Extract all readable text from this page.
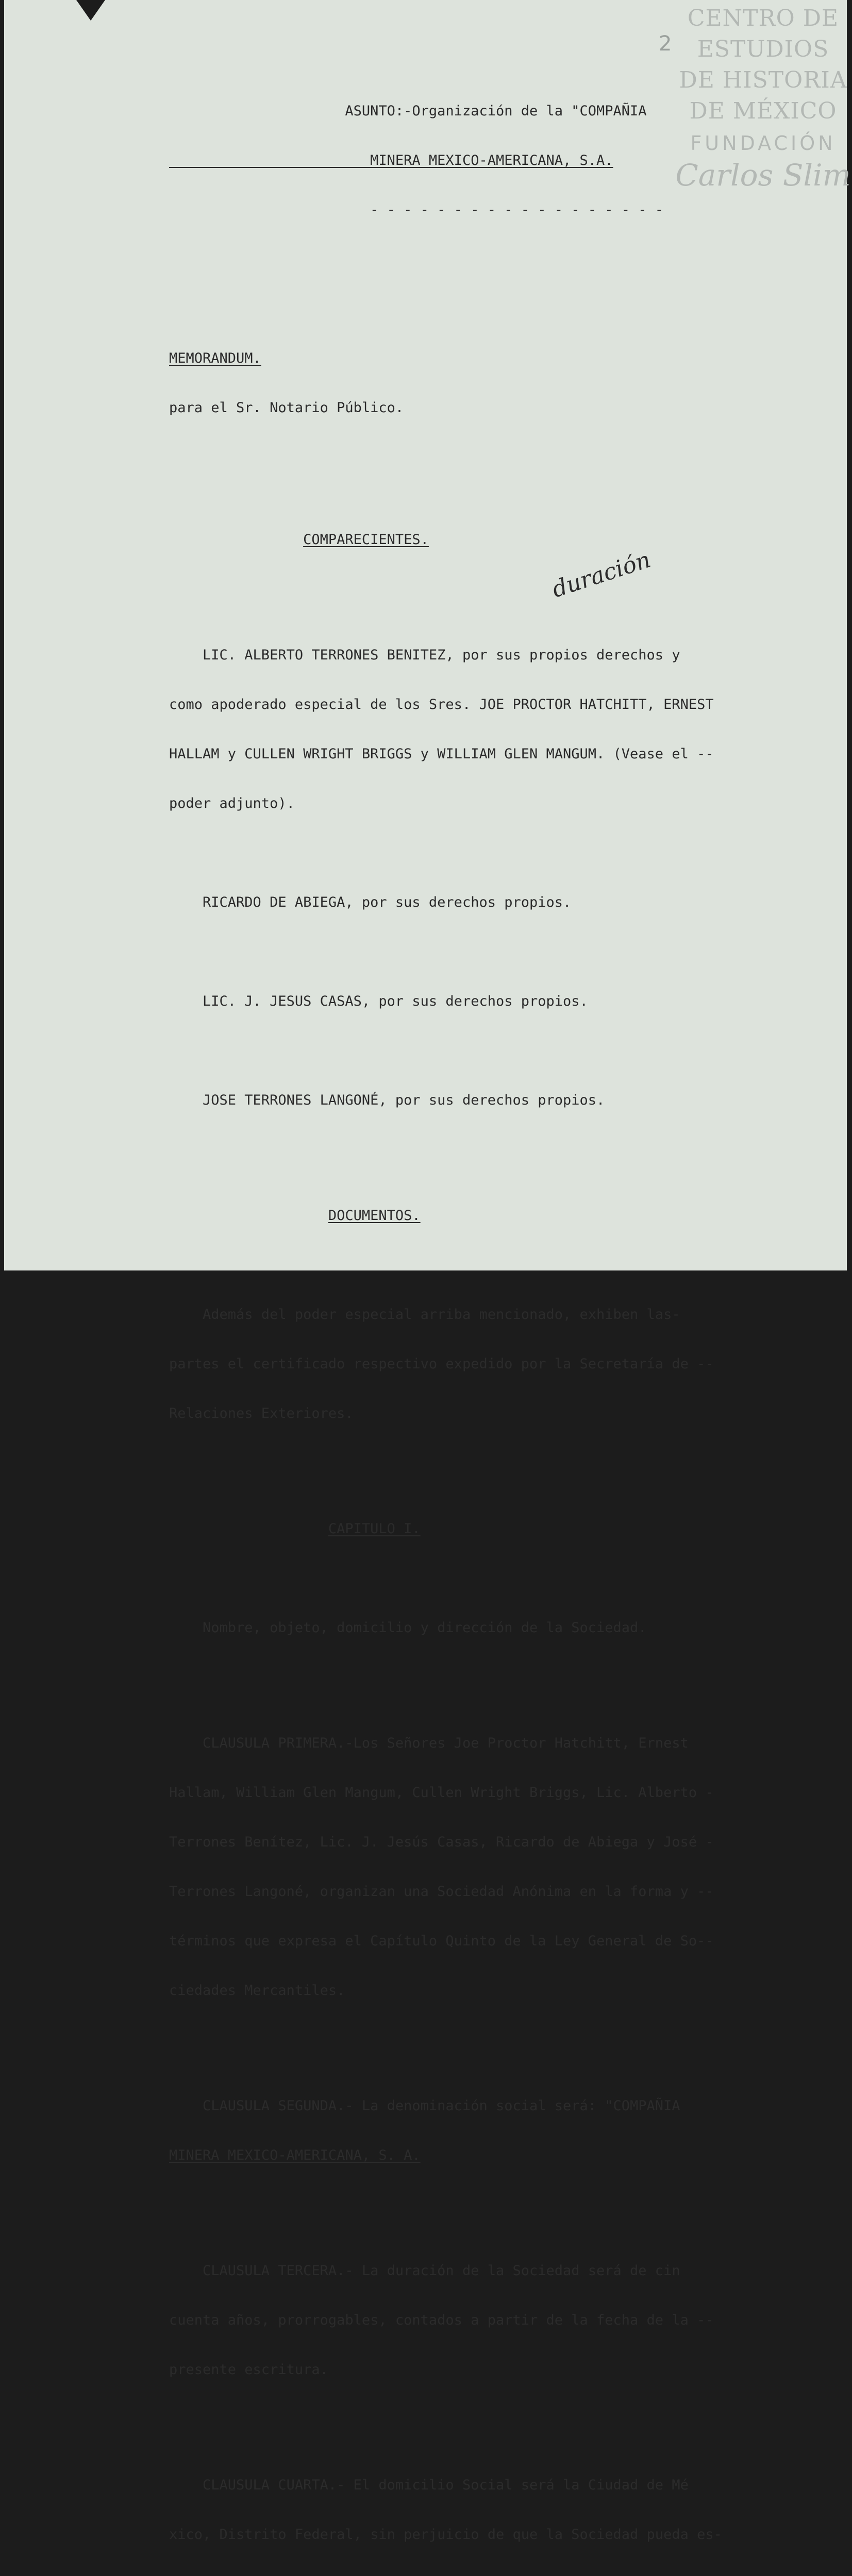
2
CENTRO DE
ESTUDIOS
DE HISTORIA
DE MÉXICO
FUNDACIÓN
Carlos Slim
duración

ASUNTO:-Organización de la "COMPAÑIA

MINERA MEXICO-AMERICANA, S.A.

- - - - - - - - - - - - - - - - - -

MEMORANDUM.

para el Sr. Notario Público.

COMPARECIENTES.

LIC. ALBERTO TERRONES BENITEZ, por sus propios derechos y

como apoderado especial de los Sres. JOE PROCTOR HATCHITT, ERNEST

HALLAM y CULLEN WRIGHT BRIGGS y WILLIAM GLEN MANGUM. (Vease el --

poder adjunto).

RICARDO DE ABIEGA, por sus derechos propios.

LIC. J. JESUS CASAS, por sus derechos propios.

JOSE TERRONES LANGONÉ, por sus derechos propios.

DOCUMENTOS.

Además del poder especial arriba mencionado, exhiben las-

partes el certificado respectivo expedido por la Secretaría de --

Relaciones Exteriores.

CAPITULO I.

Nombre, objeto, domicilio y dirección de la Sociedad.

CLAUSULA PRIMERA.-Los Señores Joe Proctor Hatchitt, Ernest

Hallam, William Glen Mangum, Cullen Wright Briggs, Lic. Alberto -

Terrones Benítez, Lic. J. Jesús Casas, Ricardo de Abiega y José -

Terrones Langoné, organizan una Sociedad Anónima en la forma y --

términos que expresa el Capítulo Quinto de la Ley General de So--

ciedades Mercantiles.

CLAUSULA SEGUNDA.- La denominación social será: "COMPAÑIA

MINERA MEXICO-AMERICANA, S. A.

CLAUSULA TERCERA.- La duración de la Sociedad será de cin

cuenta años, prorrogables, contados a partir de la fecha de la --

presente escritura.

CLAUSULA CUARTA.- El domicilio Social será la Ciudad de Mé

xico, Distrito Federal, sin perjuicio de que la Sociedad pueda es-
